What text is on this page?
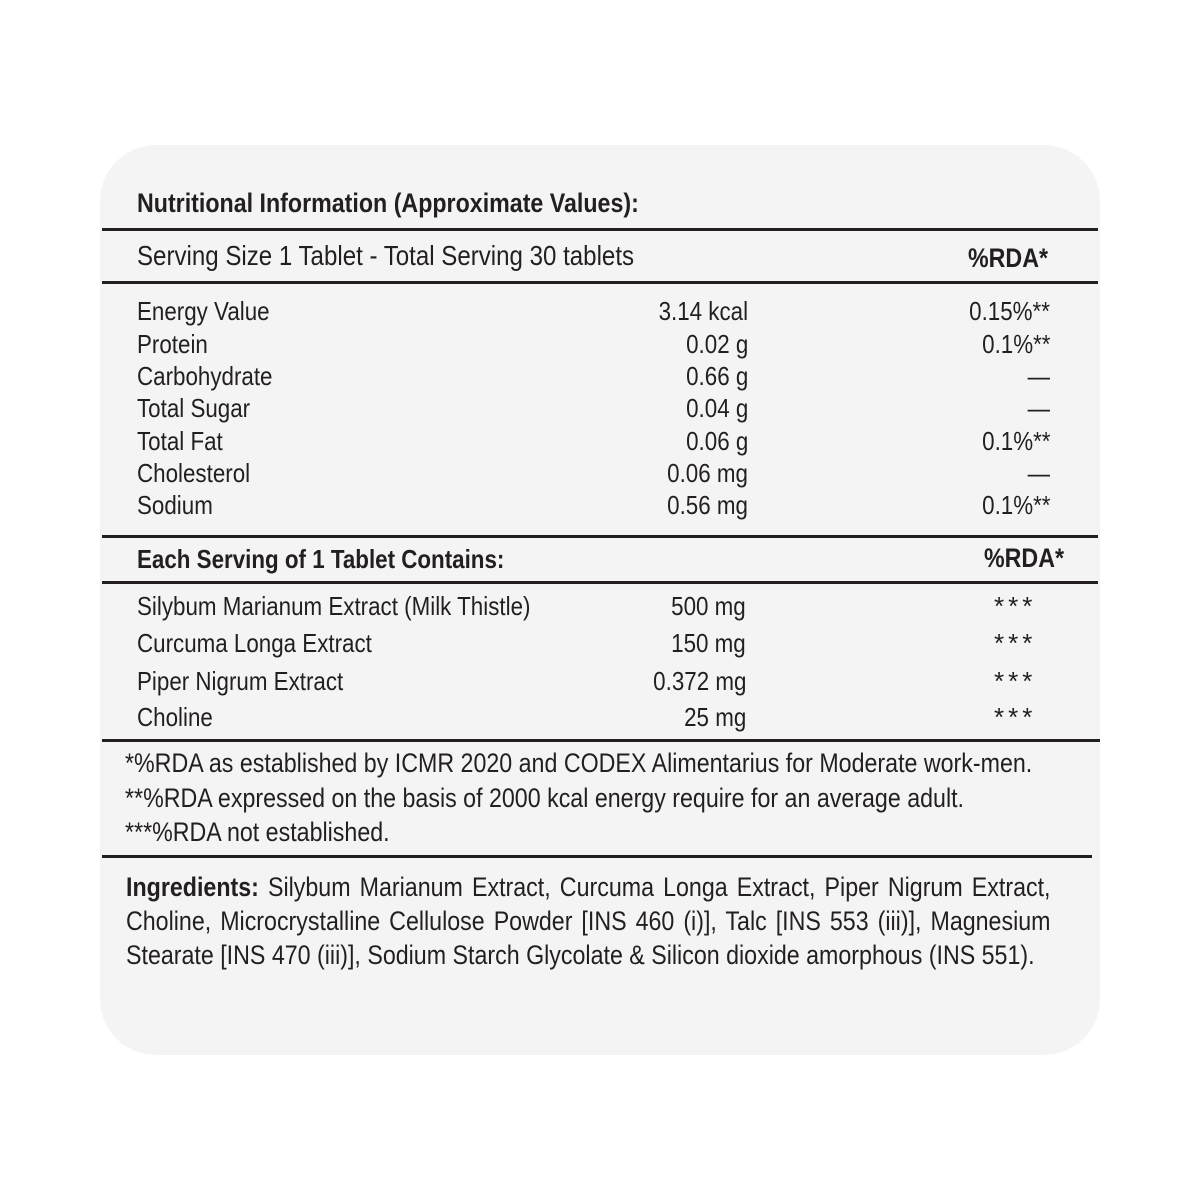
Nutritional Information (Approximate Values):
Serving Size 1 Tablet - Total Serving 30 tablets	%RDA*
Energy Value	3.14 kcal	0.15%**
Protein	0.02 g	0.1%**
Carbohydrate	0.66 g	—
Total Sugar	0.04 g	—
Total Fat	0.06 g	0.1%**
Cholesterol	0.06 mg	—
Sodium	0.56 mg	0.1%**
Each Serving of 1 Tablet Contains:	%RDA*
Silybum Marianum Extract (Milk Thistle)	500 mg	***
Curcuma Longa Extract	150 mg	***
Piper Nigrum Extract	0.372 mg	***
Choline	25 mg	***
*%RDA as established by ICMR 2020 and CODEX Alimentarius for Moderate work-men.
**%RDA expressed on the basis of 2000 kcal energy require for an average adult.
***%RDA not established.
Ingredients: Silybum Marianum Extract, Curcuma Longa Extract, Piper Nigrum Extract, Choline, Microcrystalline Cellulose Powder [INS 460 (i)], Talc [INS 553 (iii)], Magnesium Stearate [INS 470 (iii)], Sodium Starch Glycolate & Silicon dioxide amorphous (INS 551).
